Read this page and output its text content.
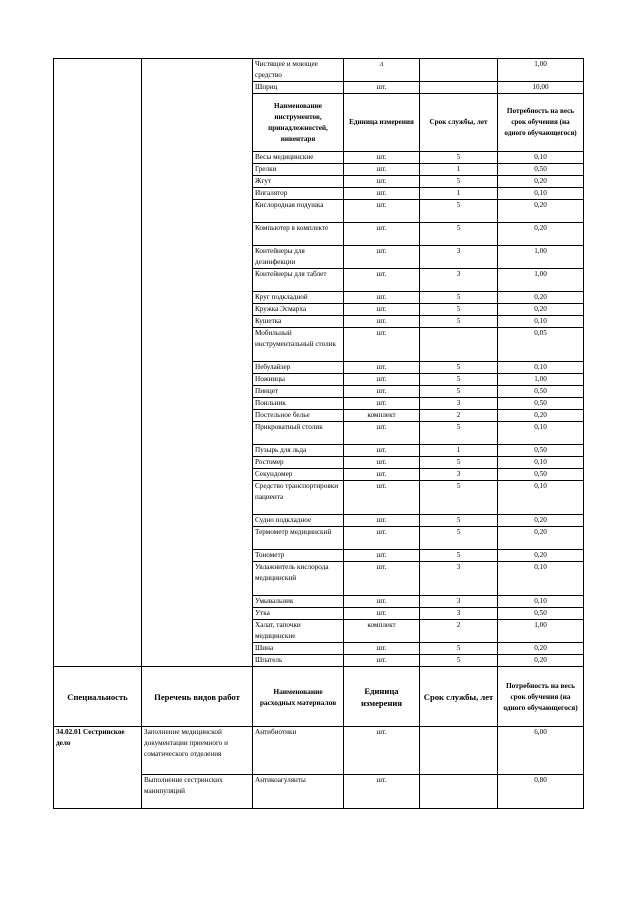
		Чистящее и моющее средство	л		1,00
		Шприц	шт.		10,00
		Наименование инструментов, принадлежностей, инвентаря	Единица измерения	Срок службы, лет	Потребность на весь срок обучения (на одного обучающегося)
		Весы медицинские	шт.	5	0,10
		Грелки	шт.	1	0,50
		Жгут	шт.	5	0,20
		Ингалятор	шт.	1	0,10
		Кислородная подушка	шт.	5	0,20
		Компьютер в комплекте	шт.	5	0,20
		Контейнеры для дезинфекции	шт.	3	1,00
		Контейнеры для таблет	шт.	3	1,00
		Круг подкладной	шт.	5	0,20
		Кружка Эсмарха	шт.	5	0,20
		Кушетка	шт.	5	0,10
		Мобильный инструментальный столик	шт.		0,05
		Небулайзер	шт.	5	0,10
		Ножницы	шт.	5	1,00
		Пинцет	шт.	5	0,50
		Поильник	шт.	3	0,50
		Постельное белье	комплект	2	0,20
		Прикроватный столик	шт.	5	0,10
		Пузырь для льда	шт.	1	0,50
		Ростомер	шт.	5	0,10
		Секундомер	шт.	3	0,50
		Средство транспортировки пациента	шт.	5	0,10
		Судно подкладное	шт.	5	0,20
		Термометр медицинский	шт.	5	0,20
		Тонометр	шт.	5	0,20
		Увлажнитель кислорода медицинский	шт.	3	0,10
		Умывальник	шт.	3	0,10
		Утка	шт.	3	0,50
		Халат, тапочки медицинские	комплект	2	1,00
		Шина	шт.	5	0,20
		Шпатель	шт.	5	0,20
Специальность	Перечень видов работ	Наименование расходных материалов	Единица измерения	Срок службы, лет	Потребность на весь срок обучения (на одного обучающегося)
34.02.01 Сестринское дело	Заполнение медицинской документации приемного и соматического отделения	Антибиотики	шт.		6,00
	Выполнение сестринских манипуляций	Антикоагулянты	шт.		0,80
